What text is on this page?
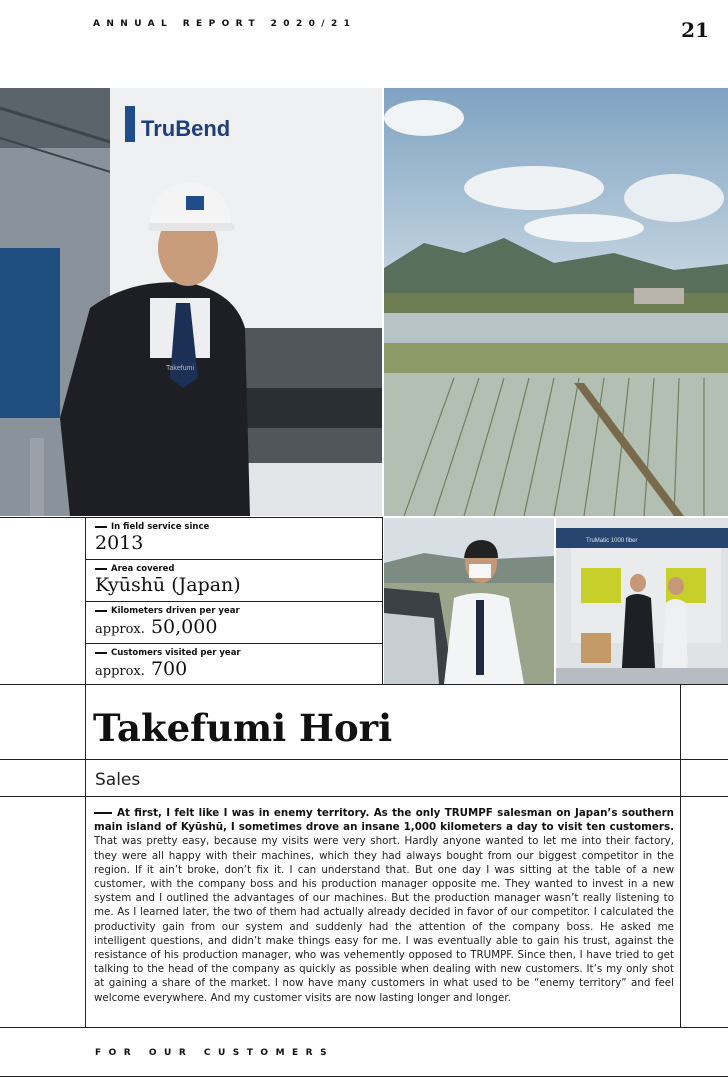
ANNUAL REPORT 2020/21	21
TruBend
Takefumi
TruMatic 1000 fiber
In field service since
2013
Area covered
Kyūshū (Japan)
Kilometers driven per year
approx. 50,000
Customers visited per year
approx. 700
Takefumi Hori
Sales
At first, I felt like I was in enemy territory. As the only TRUMPF salesman on Japan’s southern main island of Kyūshū, I sometimes drove an insane 1,000 kilometers a day to visit ten customers. That was pretty easy, because my visits were very short. Hardly anyone wanted to let me into their factory, they were all happy with their machines, which they had always bought from our biggest competitor in the region. If it ain’t broke, don’t fix it. I can understand that. But one day I was sitting at the table of a new customer, with the company boss and his production manager opposite me. They wanted to invest in a new system and I outlined the advantages of our machines. But the production manager wasn’t really listening to me. As I learned later, the two of them had actually already decided in favor of our competitor. I calculated the productivity gain from our system and suddenly had the attention of the company boss. He asked me intelligent questions, and didn’t make things easy for me. I was eventually able to gain his trust, against the resistance of his production manager, who was vehemently opposed to TRUMPF. Since then, I have tried to get talking to the head of the company as quickly as possible when dealing with new customers. It’s my only shot at gaining a share of the market. I now have many customers in what used to be “enemy territory” and feel welcome everywhere. And my customer visits are now lasting longer and longer.
FOR OUR CUSTOMERS
